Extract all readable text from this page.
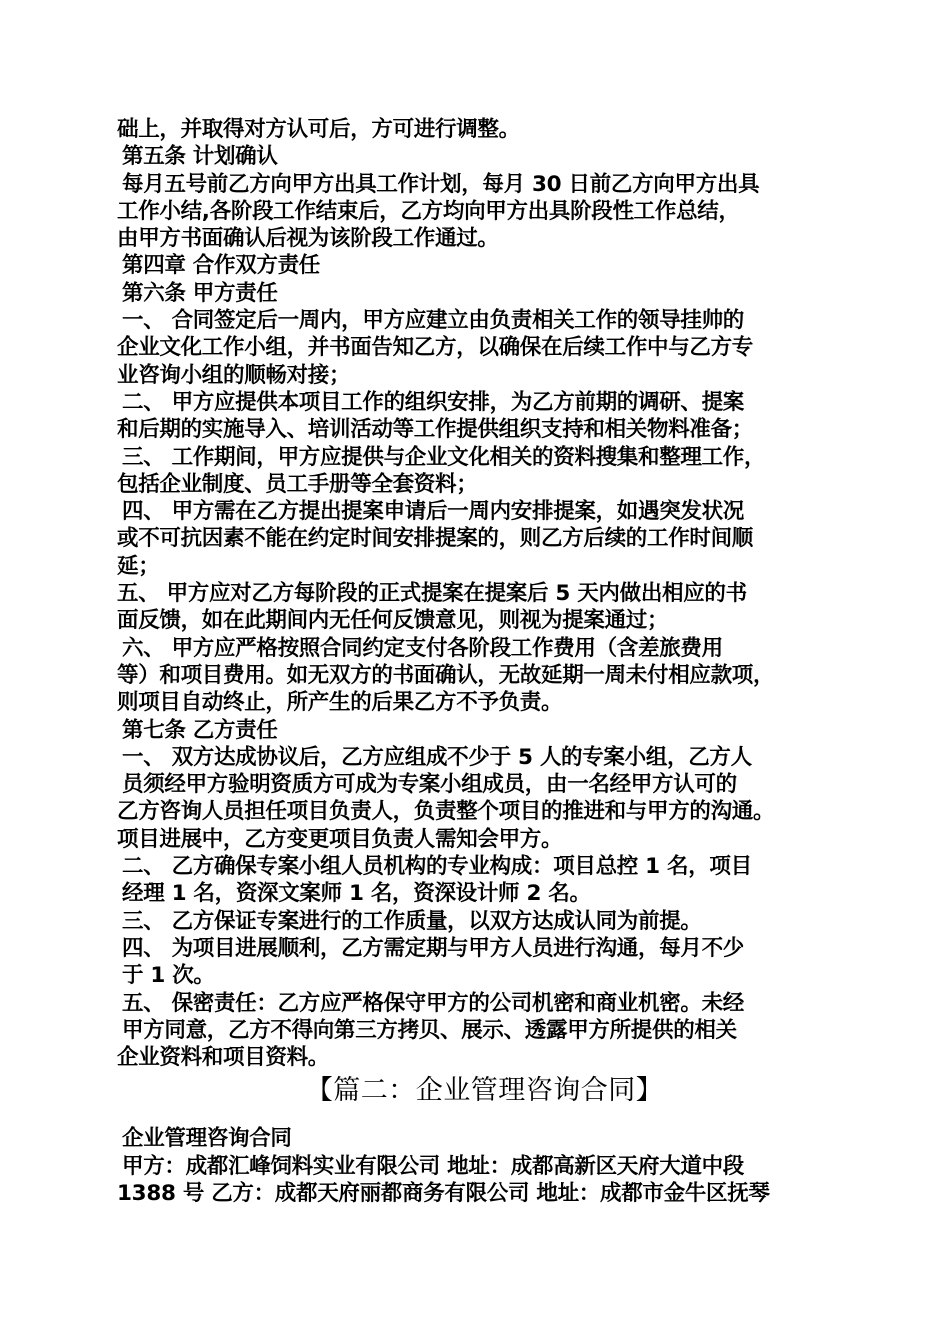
础上，并取得对方认可后，方可进行调整。
第五条 计划确认
每月五号前乙方向甲方出具工作计划，每月 30 日前乙方向甲方出具
工作小结,各阶段工作结束后，乙方均向甲方出具阶段性工作总结，
由甲方书面确认后视为该阶段工作通过。
第四章 合作双方责任
第六条 甲方责任
一、 合同签定后一周内，甲方应建立由负责相关工作的领导挂帅的
企业文化工作小组，并书面告知乙方，以确保在后续工作中与乙方专
业咨询小组的顺畅对接；
二、 甲方应提供本项目工作的组织安排，为乙方前期的调研、提案
和后期的实施导入、培训活动等工作提供组织支持和相关物料准备；
三、 工作期间，甲方应提供与企业文化相关的资料搜集和整理工作，
包括企业制度、员工手册等全套资料；
四、 甲方需在乙方提出提案申请后一周内安排提案，如遇突发状况
或不可抗因素不能在约定时间安排提案的，则乙方后续的工作时间顺
延；
五、 甲方应对乙方每阶段的正式提案在提案后 5 天内做出相应的书
面反馈，如在此期间内无任何反馈意见，则视为提案通过；
六、 甲方应严格按照合同约定支付各阶段工作费用（含差旅费用
等）和项目费用。如无双方的书面确认，无故延期一周未付相应款项，
则项目自动终止，所产生的后果乙方不予负责。
第七条 乙方责任
一、 双方达成协议后，乙方应组成不少于 5 人的专案小组，乙方人
员须经甲方验明资质方可成为专案小组成员，由一名经甲方认可的
乙方咨询人员担任项目负责人，负责整个项目的推进和与甲方的沟通。
项目进展中，乙方变更项目负责人需知会甲方。
二、 乙方确保专案小组人员机构的专业构成：项目总控 1 名，项目
经理 1 名，资深文案师 1 名，资深设计师 2 名。
三、 乙方保证专案进行的工作质量，以双方达成认同为前提。
四、 为项目进展顺利，乙方需定期与甲方人员进行沟通，每月不少
于 1 次。
五、 保密责任：乙方应严格保守甲方的公司机密和商业机密。未经
甲方同意，乙方不得向第三方拷贝、展示、透露甲方所提供的相关
企业资料和项目资料。
【篇二：企业管理咨询合同】
企业管理咨询合同
甲方：成都汇峰饲料实业有限公司 地址：成都高新区天府大道中段
1388 号 乙方：成都天府丽都商务有限公司 地址：成都市金牛区抚琴
